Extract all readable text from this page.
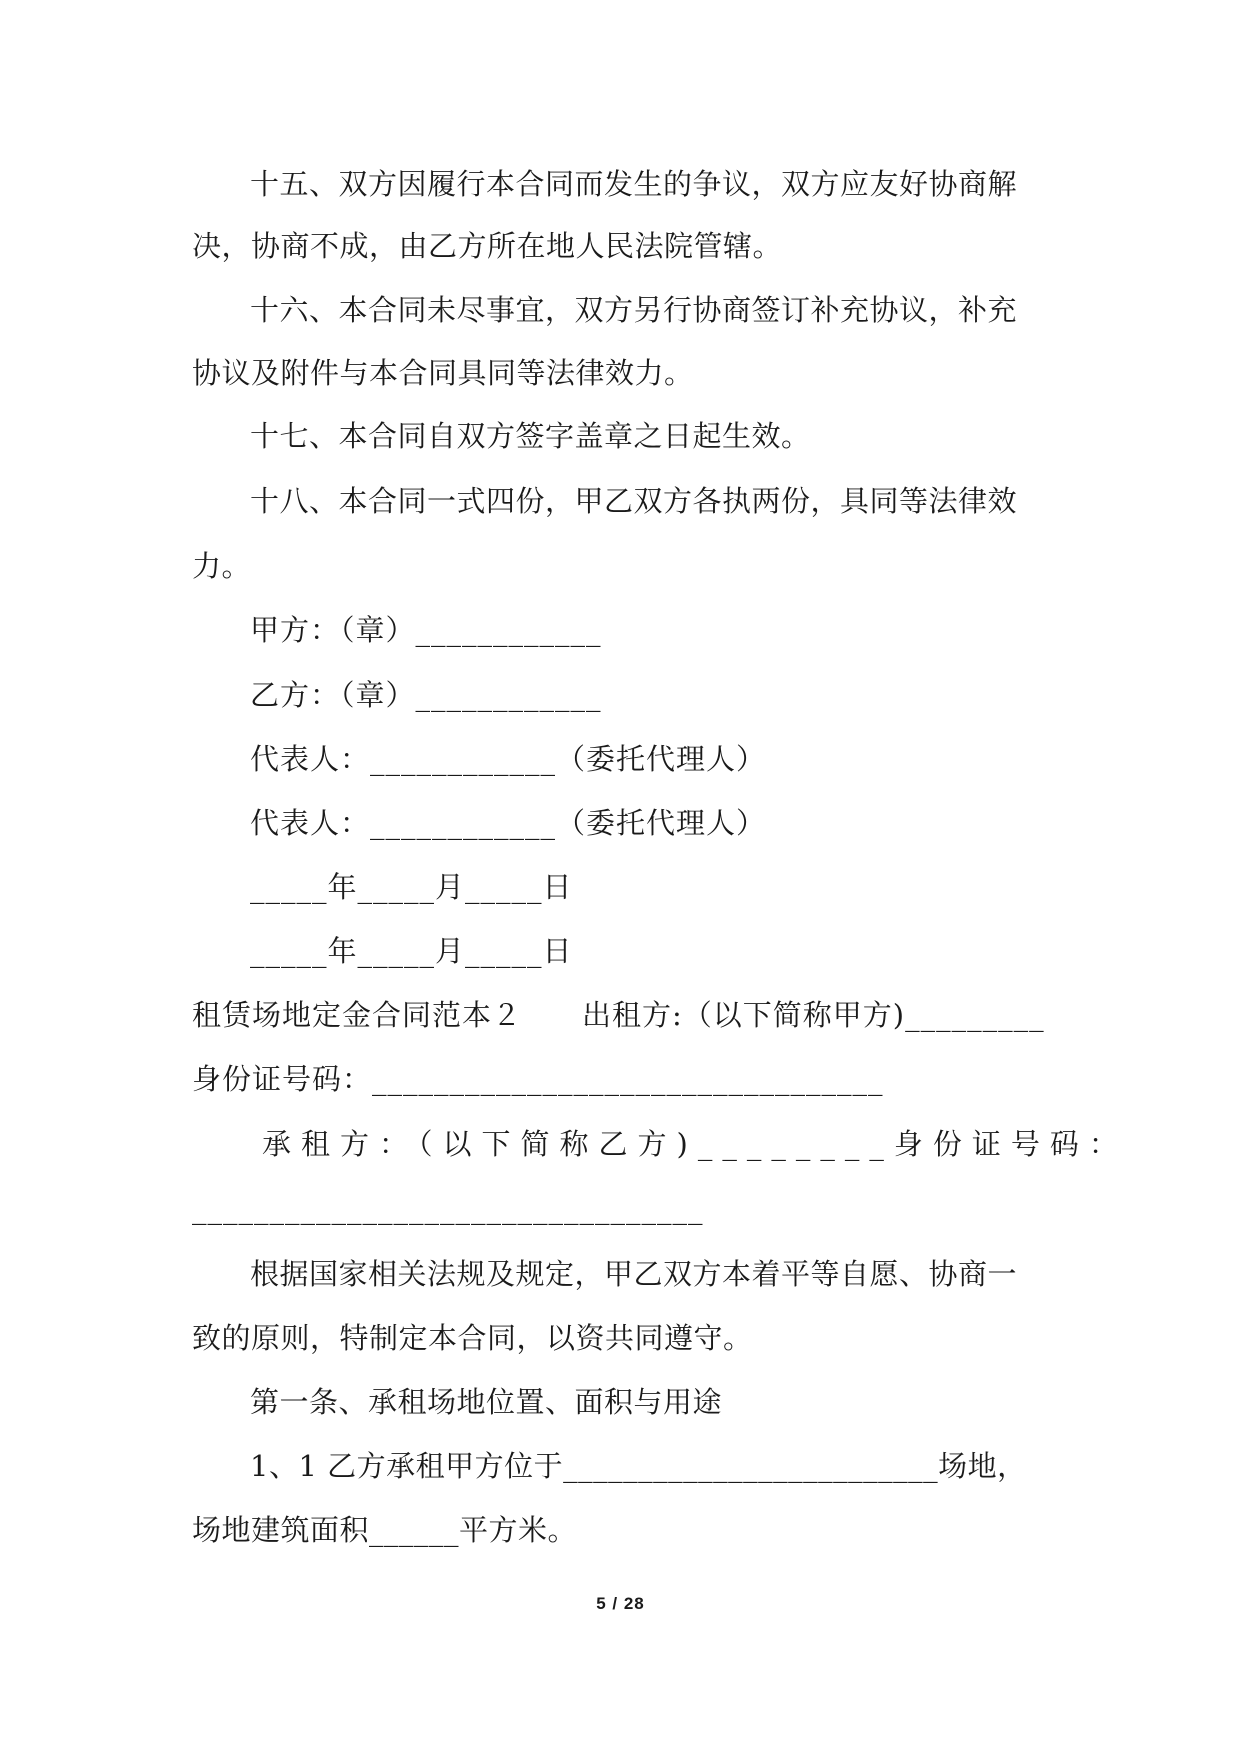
十五、双方因履行本合同而发生的争议，双方应友好协商解
决，协商不成，由乙方所在地人民法院管辖。
十六、本合同未尽事宜，双方另行协商签订补充协议，补充
协议及附件与本合同具同等法律效力。
十七、本合同自双方签字盖章之日起生效。
十八、本合同一式四份，甲乙双方各执两份，具同等法律效
力。
甲方：（章）____________
乙方：（章）____________
代表人：____________（委托代理人）
代表人：____________（委托代理人）
_____年_____月_____日
_____年_____月_____日
租赁场地定金合同范本２　　出租方:（以下简称甲方)_________
身份证号码：_________________________________
承租方：（以下简称乙方)________身份证号码：
_________________________________
根据国家相关法规及规定，甲乙双方本着平等自愿、协商一
致的原则，特制定本合同，以资共同遵守。
第一条、承租场地位置、面积与用途
1、1 乙方承租甲方位于_________________________场地，
场地建筑面积______平方米。
5 / 28
